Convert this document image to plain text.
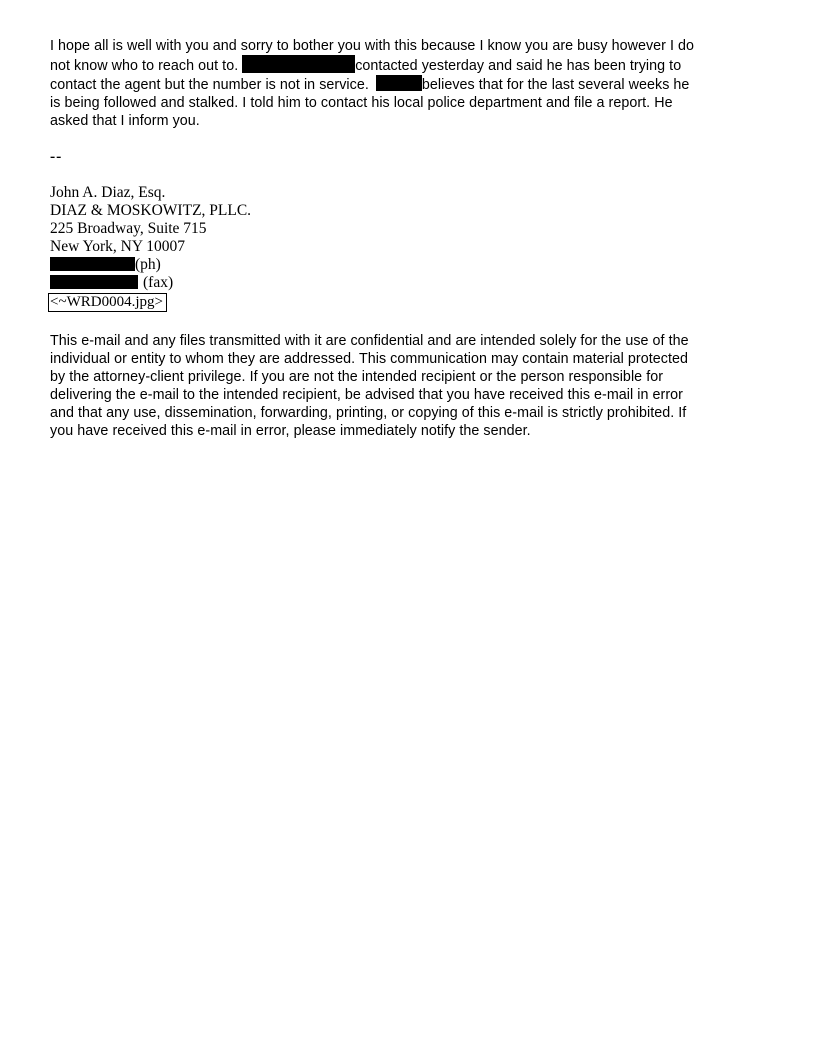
I hope all is well with you and sorry to bother you with this because I know you are busy however I do
not know who to reach out to.	contacted yesterday and said he has been trying to
contact the agent but the number is not in service.	believes that for the last several weeks he
is being followed and stalked. I told him to contact his local police department and file a report. He
asked that I inform you.
--
John A. Diaz, Esq.
DIAZ & MOSKOWITZ, PLLC.
225 Broadway, Suite 715
New York, NY 10007
(ph)
(fax)
<~WRD0004.jpg>
This e-mail and any files transmitted with it are confidential and are intended solely for the use of the
individual or entity to whom they are addressed. This communication may contain material protected
by the attorney-client privilege. If you are not the intended recipient or the person responsible for
delivering the e-mail to the intended recipient, be advised that you have received this e-mail in error
and that any use, dissemination, forwarding, printing, or copying of this e-mail is strictly prohibited. If
you have received this e-mail in error, please immediately notify the sender.
